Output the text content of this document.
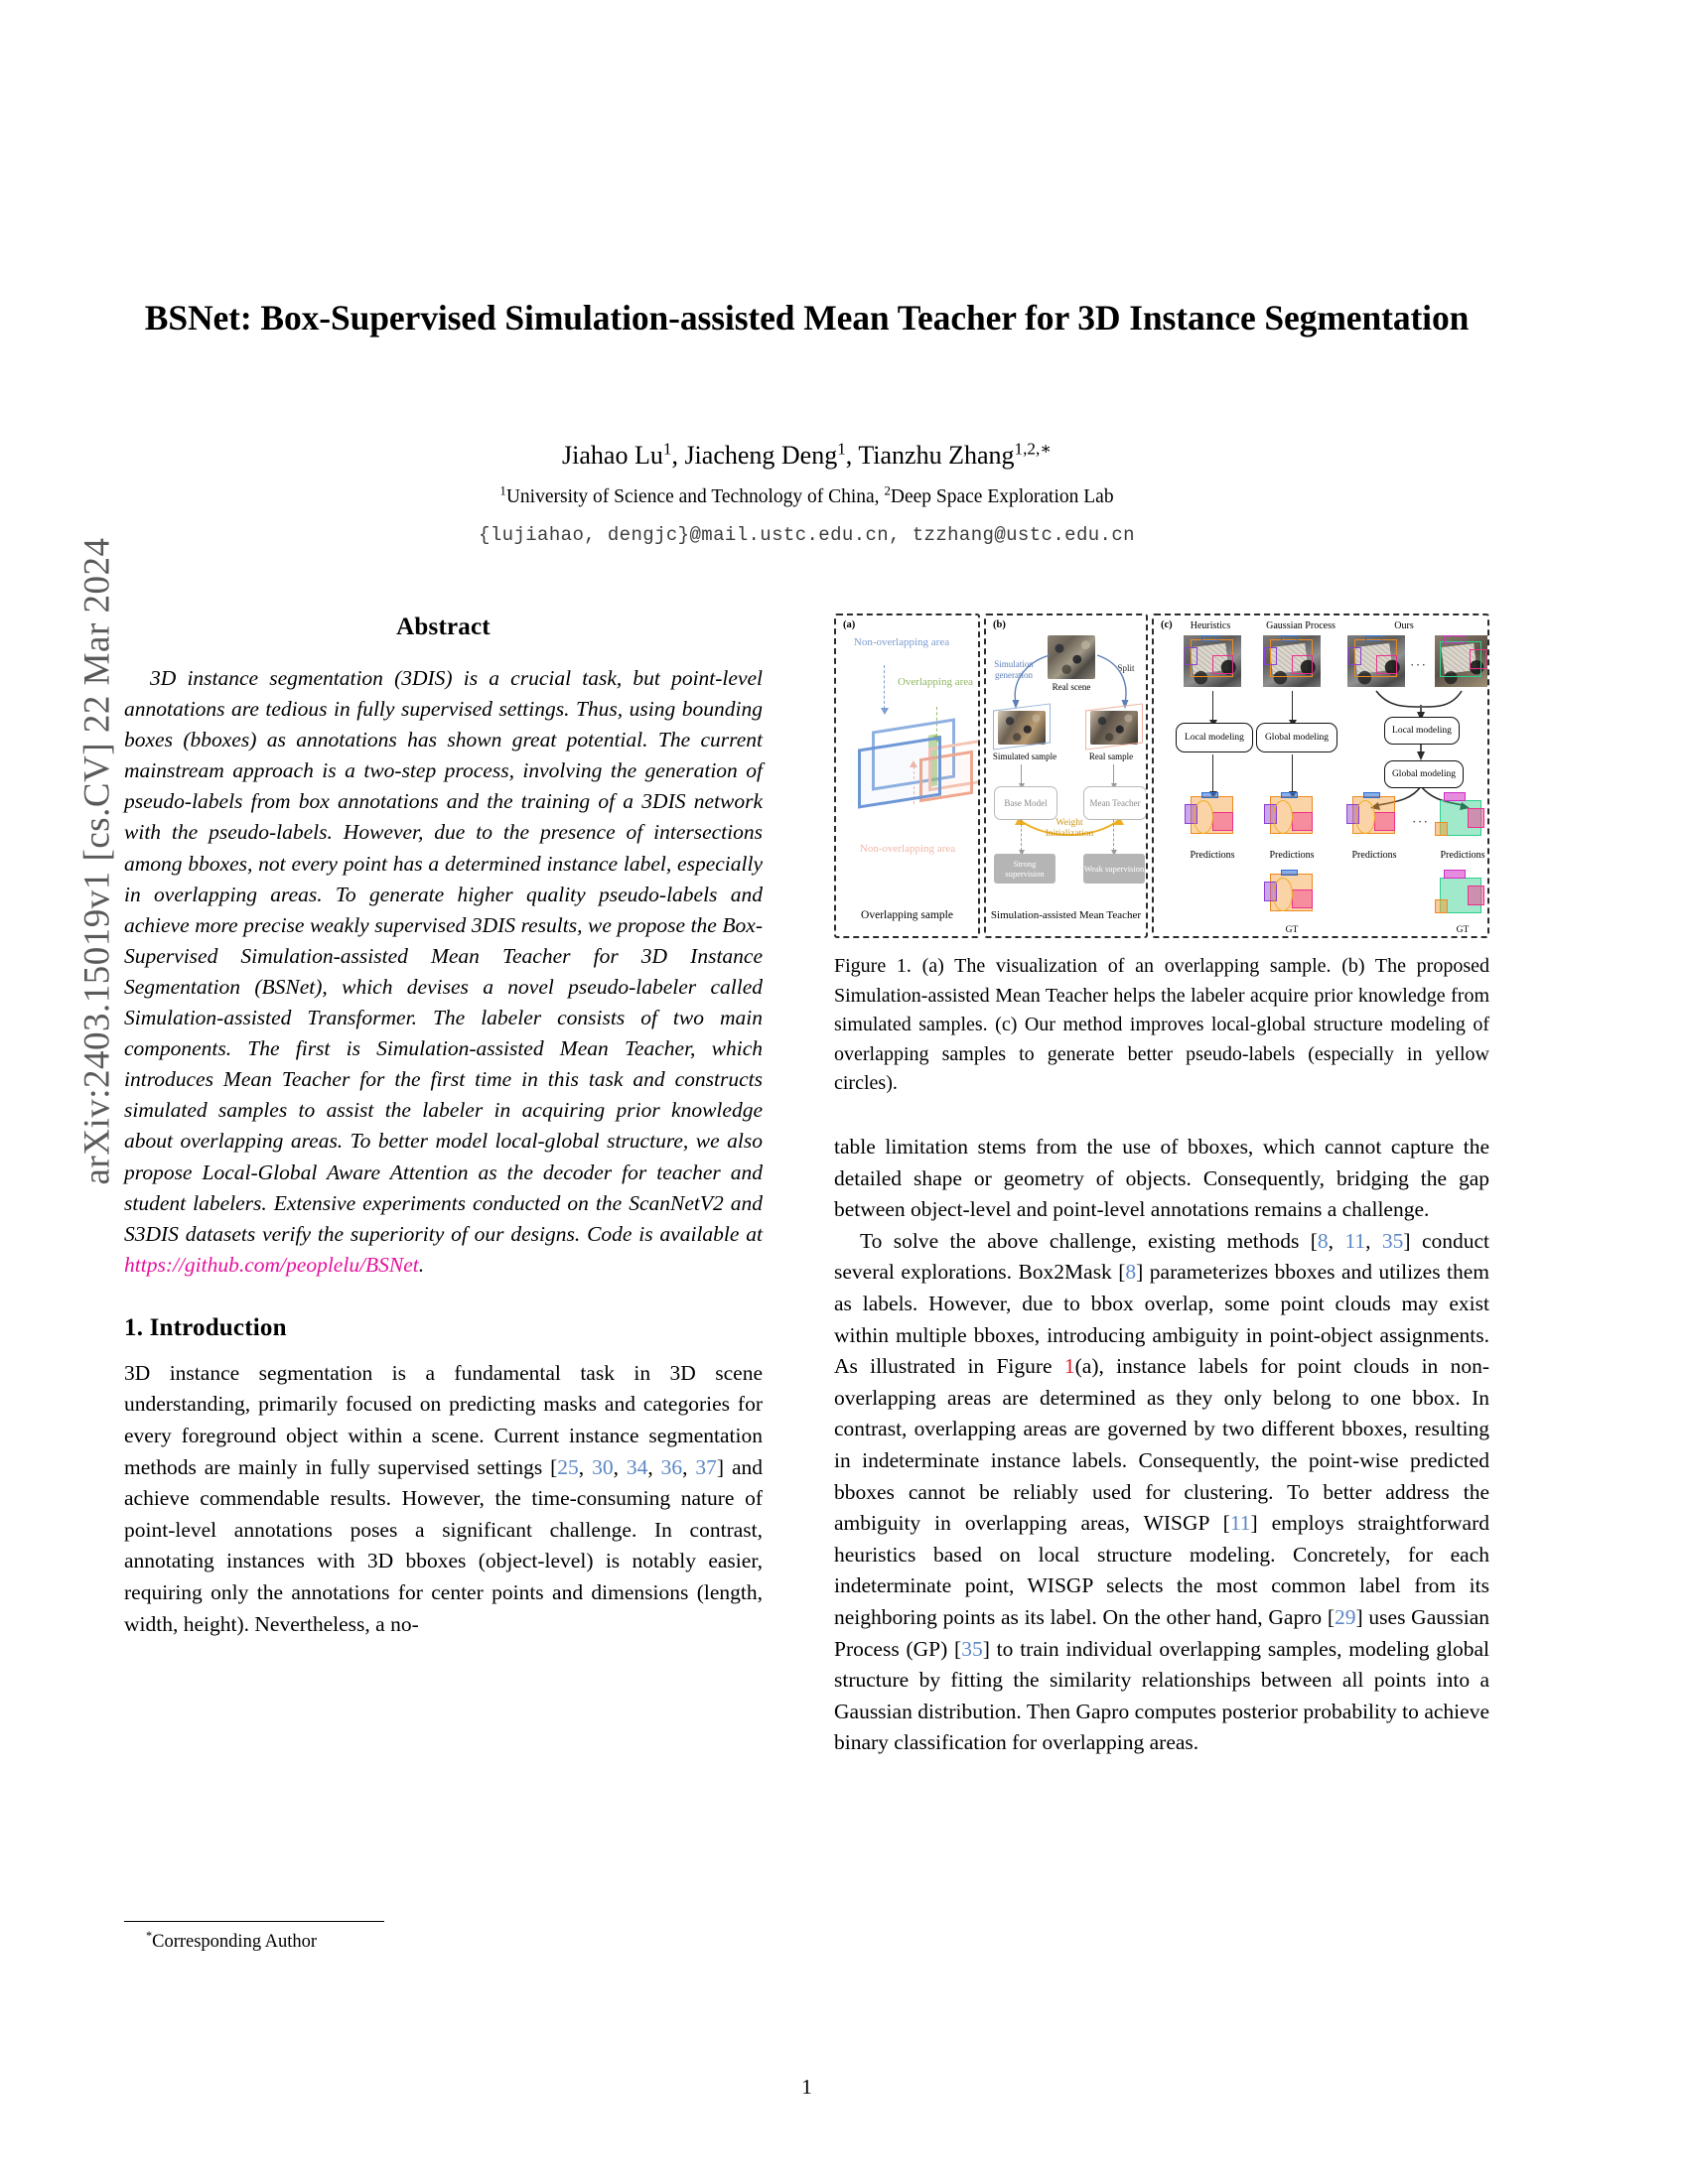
arXiv:2403.15019v1 [cs.CV] 22 Mar 2024
BSNet: Box-Supervised Simulation-assisted Mean Teacher for 3D Instance Segmentation
Jiahao Lu$^1$, Jiacheng Deng$^1$, Tianzhu Zhang$^{1,2,∗}$
$^1$University of Science and Technology of China, $^2$Deep Space Exploration Lab
{lujiahao, dengjc}@mail.ustc.edu.cn, tzzhang@ustc.edu.cn
Abstract

3D instance segmentation (3DIS) is a crucial task, but point-level annotations are tedious in fully supervised settings. Thus, using bounding boxes (bboxes) as annotations has shown great potential. The current mainstream approach is a two-step process, involving the generation of pseudo-labels from box annotations and the training of a 3DIS network with the pseudo-labels. However, due to the presence of intersections among bboxes, not every point has a determined instance label, especially in overlapping areas. To generate higher quality pseudo-labels and achieve more precise weakly supervised 3DIS results, we propose the Box-Supervised Simulation-assisted Mean Teacher for 3D Instance Segmentation (BSNet), which devises a novel pseudo-labeler called Simulation-assisted Transformer. The labeler consists of two main components. The first is Simulation-assisted Mean Teacher, which introduces Mean Teacher for the first time in this task and constructs simulated samples to assist the labeler in acquiring prior knowledge about overlapping areas. To better model local-global structure, we also propose Local-Global Aware Attention as the decoder for teacher and student labelers. Extensive experiments conducted on the ScanNetV2 and S3DIS datasets verify the superiority of our designs. Code is available at https://github.com/peoplelu/BSNet.

1. Introduction

3D instance segmentation is a fundamental task in 3D scene understanding, primarily focused on predicting masks and categories for every foreground object within a scene. Current instance segmentation methods are mainly in fully supervised settings [25, 30, 34, 36, 37] and achieve commendable results. However, the time-consuming nature of point-level annotations poses a significant challenge. In contrast, annotating instances with 3D bboxes (object-level) is notably easier, requiring only the annotations for center points and dimensions (length, width, height). Nevertheless, a no-

*Corresponding Author
(a)
Non-overlapping area
Overlapping area
Non-overlapping area
Overlapping sample
(b)
Real scene
Simulation generation
Split
Simulated sample	Real sample
Base Model	Mean Teacher
Weight Initialization
Strong supervision	Weak supervision
Simulation-assisted Mean Teacher
(c)	Heuristics	Gaussian Process	Ours
···
Local modeling	Global modeling
Local modeling
Global modeling
Predictions	Predictions	Predictions
···
Predictions
GT	GT
Figure 1. (a) The visualization of an overlapping sample. (b) The proposed Simulation-assisted Mean Teacher helps the labeler acquire prior knowledge from simulated samples. (c) Our method improves local-global structure modeling of overlapping samples to generate better pseudo-labels (especially in yellow circles).

table limitation stems from the use of bboxes, which cannot capture the detailed shape or geometry of objects. Consequently, bridging the gap between object-level and point-level annotations remains a challenge.

To solve the above challenge, existing methods [8, 11, 35] conduct several explorations. Box2Mask [8] parameterizes bboxes and utilizes them as labels. However, due to bbox overlap, some point clouds may exist within multiple bboxes, introducing ambiguity in point-object assignments. As illustrated in Figure 1(a), instance labels for point clouds in non-overlapping areas are determined as they only belong to one bbox. In contrast, overlapping areas are governed by two different bboxes, resulting in indeterminate instance labels. Consequently, the point-wise predicted bboxes cannot be reliably used for clustering. To better address the ambiguity in overlapping areas, WISGP [11] employs straightforward heuristics based on local structure modeling. Concretely, for each indeterminate point, WISGP selects the most common label from its neighboring points as its label. On the other hand, Gapro [29] uses Gaussian Process (GP) [35] to train individual overlapping samples, modeling global structure by fitting the similarity relationships between all points into a Gaussian distribution. Then Gapro computes posterior probability to achieve binary classification for overlapping areas.

1
